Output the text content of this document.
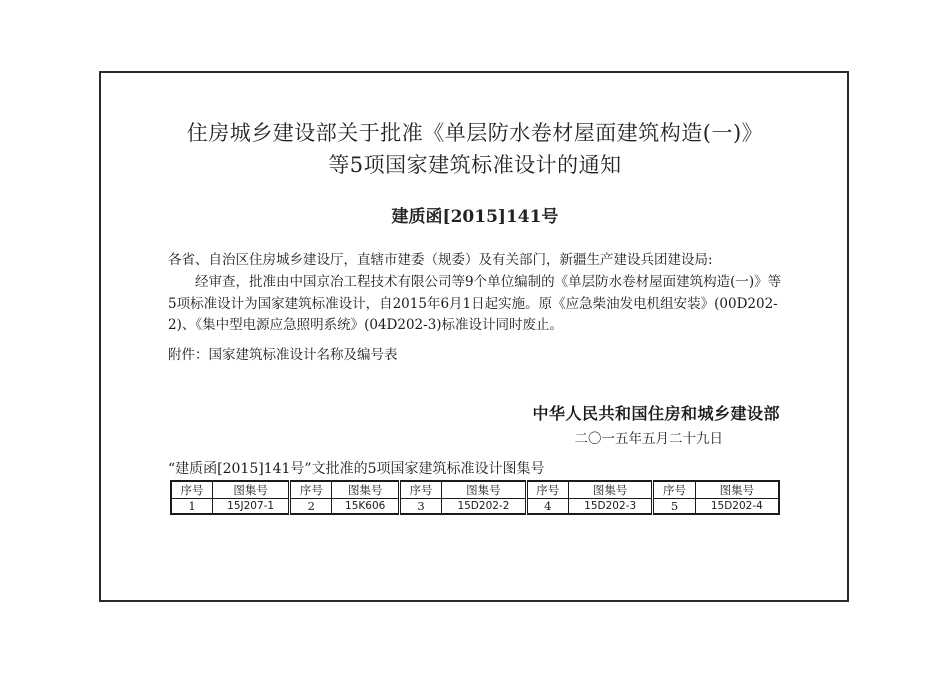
住房城乡建设部关于批准《单层防水卷材屋面建筑构造(一)》
等5项国家建筑标准设计的通知
建质函[2015]141号
各省、自治区住房城乡建设厅，直辖市建委（规委）及有关部门，新疆生产建设兵团建设局:
经审查，批准由中国京冶工程技术有限公司等9个单位编制的《单层防水卷材屋面建筑构造(一)》等5项标准设计为国家建筑标准设计，自2015年6月1日起实施。原《应急柴油发电机组安装》(00D202-2)、《集中型电源应急照明系统》(04D202-3)标准设计同时废止。
附件：国家建筑标准设计名称及编号表
中华人民共和国住房和城乡建设部
二〇一五年五月二十九日
“建质函[2015]141号”文批准的5项国家建筑标准设计图集号
序号	图集号	序号	图集号	序号	图集号	序号	图集号	序号	图集号
1	15J207-1	2	15K606	3	15D202-2	4	15D202-3	5	15D202-4
